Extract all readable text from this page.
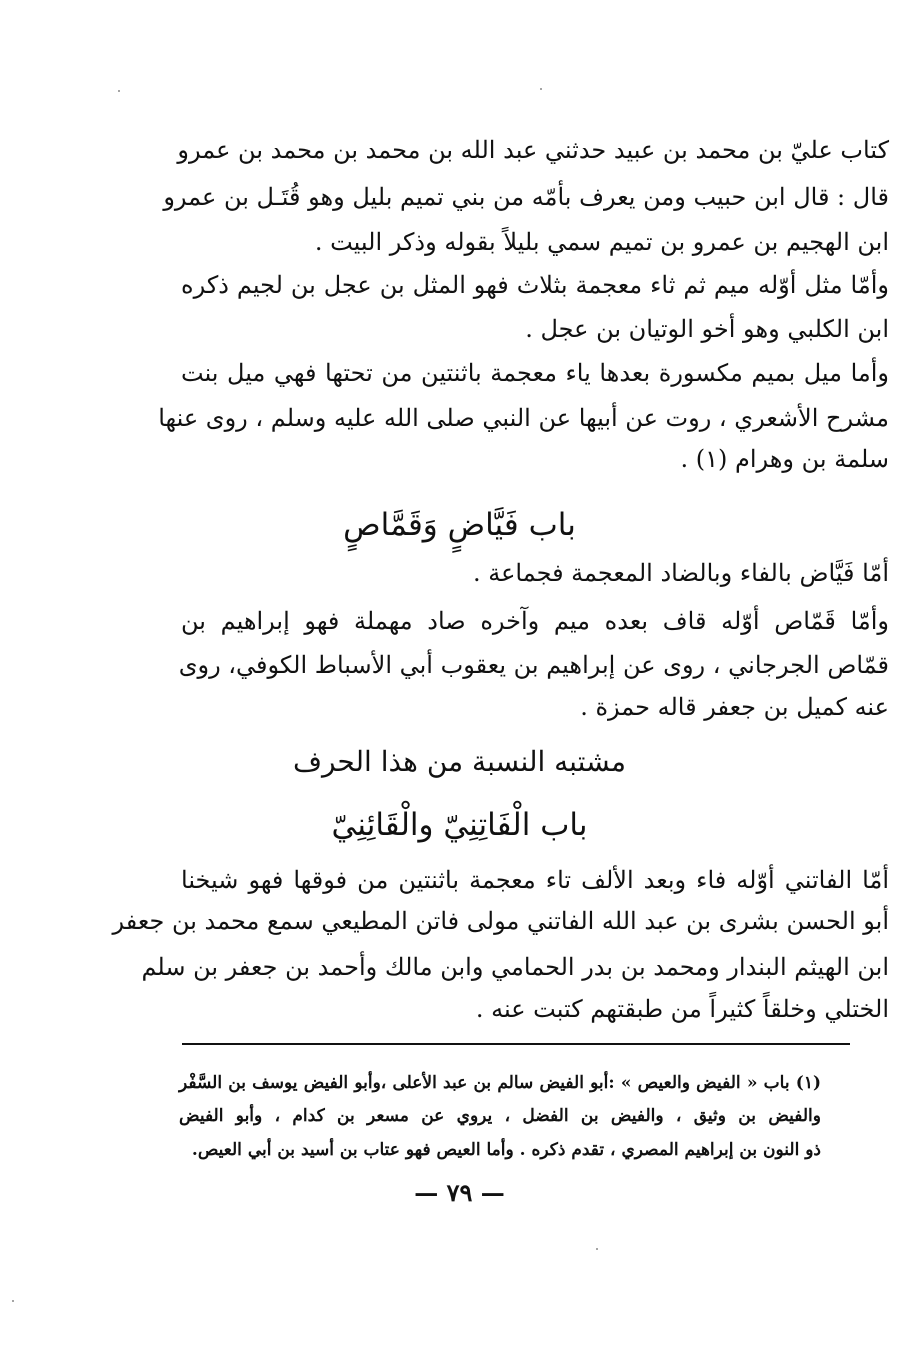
كتاب عليّ بن محمد بن عبيد حدثني عبد الله بن محمد بن محمد بن عمرو

قال : قال ابن حبيب ومن يعرف بأمّه من بني تميم بليل وهو قُتَـل بن عمرو

ابن الهجيم بن عمرو بن تميم سمي بليلاً بقوله وذكر البيت .

وأمّا مثل أوّله ميم ثم ثاء معجمة بثلاث فهو المثل بن عجل بن لجيم ذكره

ابن الكلبي وهو أخو الوتيان بن عجل .

وأما ميل بميم مكسورة بعدها ياء معجمة باثنتين من تحتها فهي ميل بنت

مشرح الأشعري ، روت عن أبيها عن النبي صلى الله عليه وسلم ، روى عنها

سلمة بن وهرام (١) .

باب فَيَّاضٍ وَقَمَّاصٍ

أمّا فَيَّاض بالفاء وبالضاد المعجمة فجماعة .

وأمّا قَمّاص أوّله قاف بعده ميم وآخره صاد مهملة فهو إبراهيم بن

قمّاص الجرجاني ، روى عن إبراهيم بن يعقوب أبي الأسباط الكوفي، روى

عنه كميل بن جعفر قاله حمزة .

مشتبه النسبة من هذا الحرف
باب الْفَاتِنِيّ والْقَائِنِيّ

أمّا الفاتني أوّله فاء وبعد الألف تاء معجمة باثنتين من فوقها فهو شيخنا

أبو الحسن بشرى بن عبد الله الفاتني مولى فاتن المطيعي سمع محمد بن جعفر

ابن الهيثم البندار ومحمد بن بدر الحمامي وابن مالك وأحمد بن جعفر بن سلم

الختلي وخلقاً كثيراً من طبقتهم كتبت عنه .

(١) باب « الفيض والعيص » :أبو الفيض سالم بن عبد الأعلى ،وأبو الفيض يوسف بن السَّفْر

والفيض بن وثيق ، والفيض بن الفضل ، يروي عن مسعر بن كدام ، وأبو الفيض

ذو النون بن إبراهيم المصري ، تقدم ذكره . وأما العيص فهو عتاب بن أسيد بن أبي العيص.

— ٧٩ —
